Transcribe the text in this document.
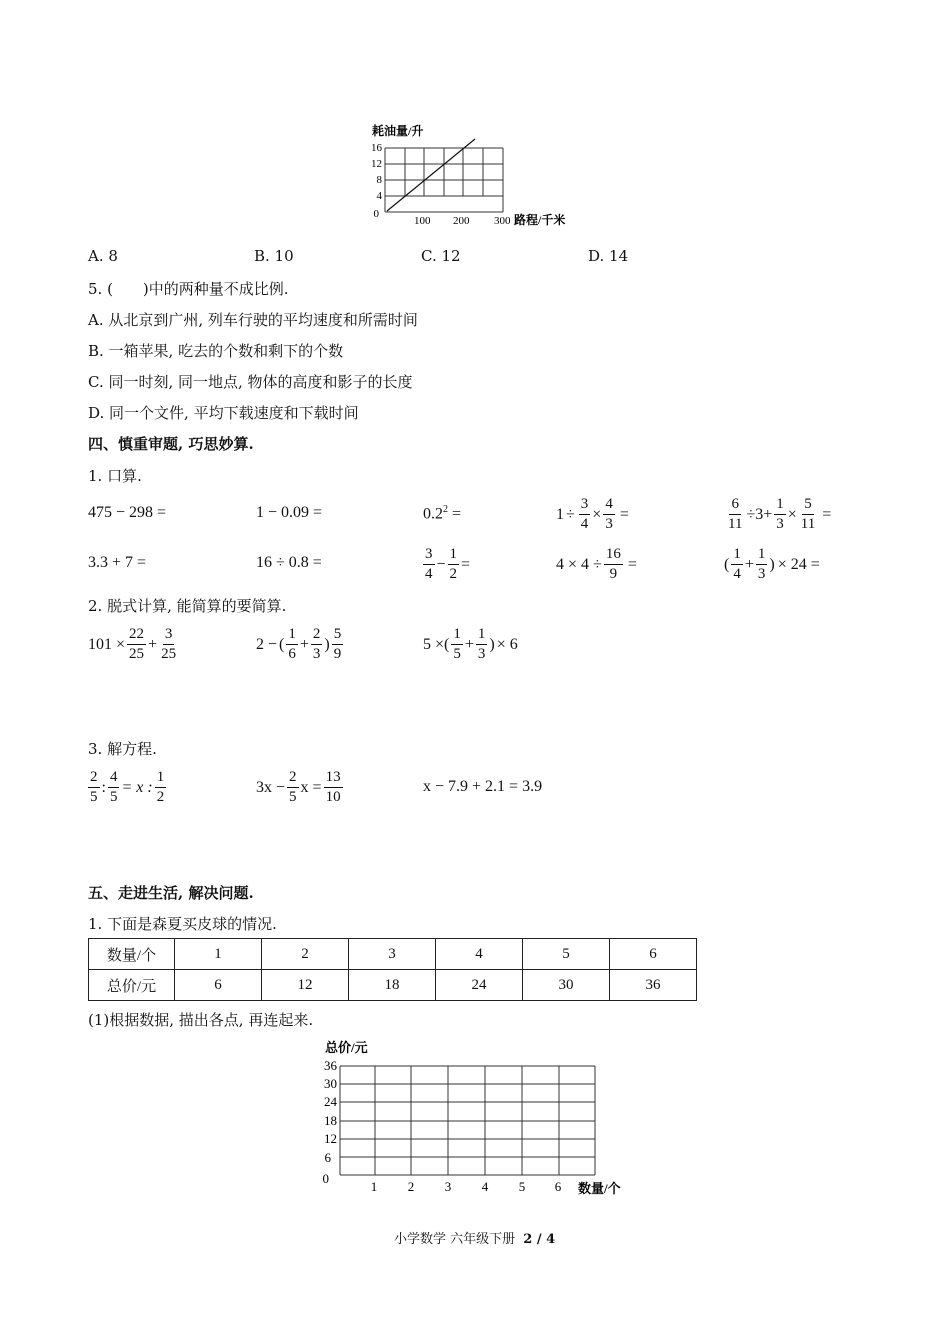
耗油量/升
16
12
8
4
0
100 200 300 路程/千米
A. 8	B. 10	C. 12	D. 14
5. (　　)中的两种量不成比例.
A. 从北京到广州, 列车行驶的平均速度和所需时间
B. 一箱苹果, 吃去的个数和剩下的个数
C. 同一时刻, 同一地点, 物体的高度和影子的长度
D. 同一个文件, 平均下载速度和下载时间
四、慎重审题, 巧思妙算.
1. 口算.
475 − 298 =	1 − 0.09 =	$0.2^2$ =	$1 \div \frac{3}{4} \times \frac{4}{3}$ =	$\frac{6}{11} \div 3 + \frac{1}{3} \times \frac{5}{11}$ =
3.3 + 7 =	16 ÷ 0.8 =	$\frac{3}{4} - \frac{1}{2}$ =	$4 \times 4 \div \frac{16}{9}$ =	( $\frac{1}{4} + \frac{1}{3}$ ) × 24 =
2. 脱式计算, 能简算的要简算.
$101 \times \frac{22}{25} + \frac{3}{25}$	2 − ( $\frac{1}{6} + \frac{2}{3}$ ) $\frac{5}{9}$	5 × ( $\frac{1}{5} + \frac{1}{3}$ ) × 6
3. 解方程.
$\frac{2}{5}$ : $\frac{4}{5} = x$ : $\frac{1}{2}$	$3x - \frac{2}{5}$ $x = \frac{13}{10}$	x − 7.9 + 2.1 = 3.9
五、走进生活, 解决问题.
1. 下面是森夏买皮球的情况.
数量/个	1	2	3	4	5	6
总价/元	6	12	18	24	30	36
(1)根据数据, 描出各点, 再连起来.
总价/元
36
30
24
18
12
6
0
1 2 3 4 5 6 数量/个
小学数学 六年级下册 2 / 4
